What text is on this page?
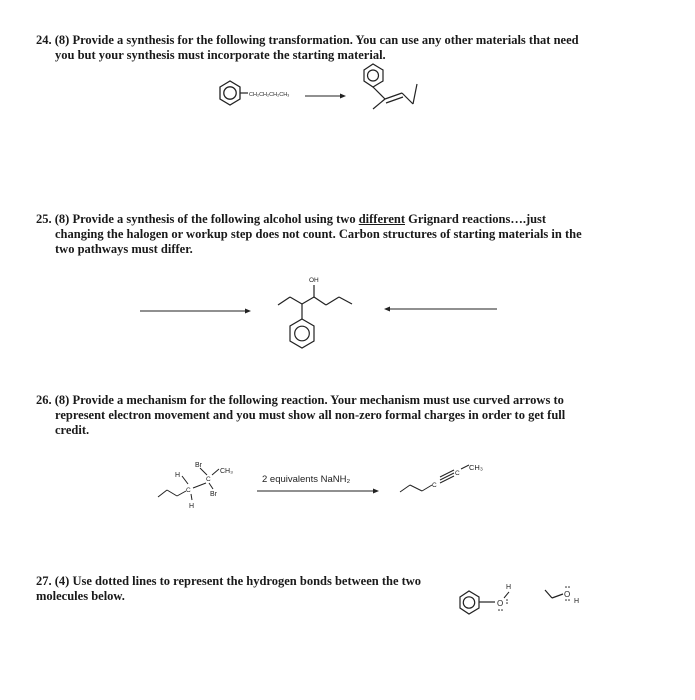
24. (8) Provide a synthesis for the following transformation. You can use any other materials that need
you but your synthesis must incorporate the starting material.
CH₂CH₂CH₂CH₃
25. (8) Provide a synthesis of the following alcohol using two different Grignard reactions….just
changing the halogen or workup step does not count. Carbon structures of starting materials in the
two pathways must differ.
OH
26. (8) Provide a mechanism for the following reaction. Your mechanism must use curved arrows to
represent electron movement and you must show all non-zero formal charges in order to get full
credit.
Br
CH₃
H
C
C
Br
H
2 equivalents NaNH₂
C
C
CH₃
27. (4) Use dotted lines to represent the hydrogen bonds between the two
molecules below.
H
O
O
H
